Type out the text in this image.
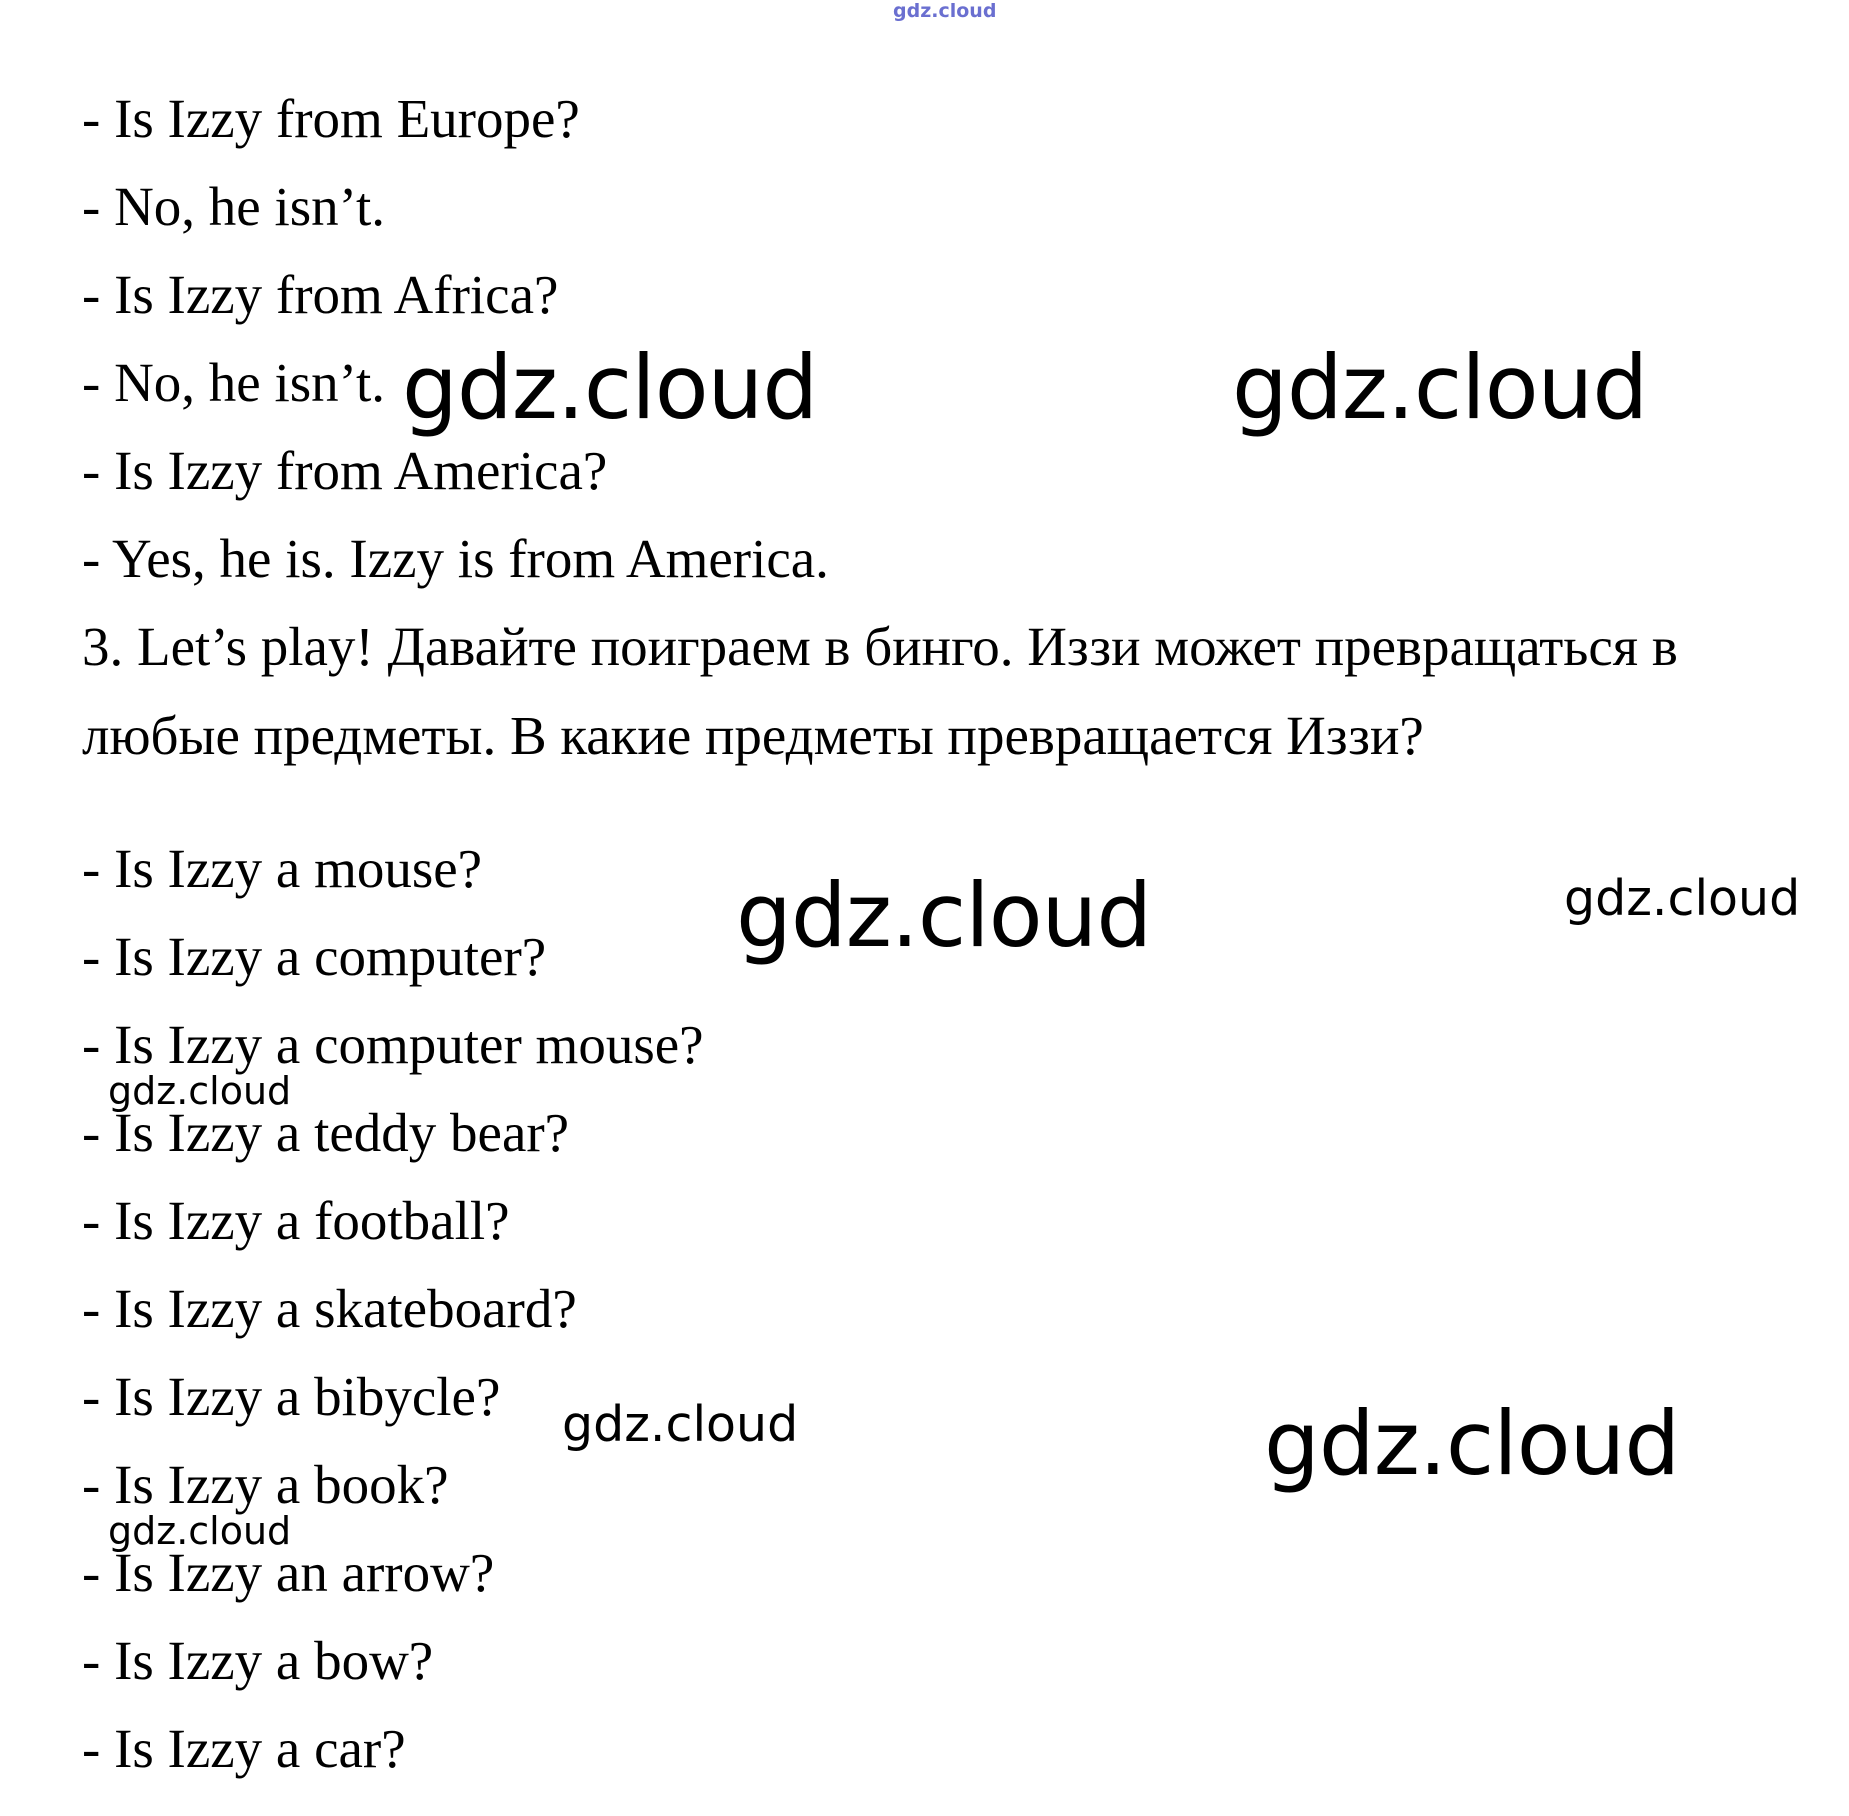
gdz.cloud
- Is Izzy from Europe?
- No, he isn’t.
- Is Izzy from Africa?
- No, he isn’t.
- Is Izzy from America?
- Yes, he is. Izzy is from America.
3. Let’s play! Давайте поиграем в бинго. Иззи может превращаться в
любые предметы. В какие предметы превращается Иззи?
- Is Izzy a mouse?
- Is Izzy a computer?
- Is Izzy a computer mouse?
- Is Izzy a teddy bear?
- Is Izzy a football?
- Is Izzy a skateboard?
- Is Izzy a bibycle?
- Is Izzy a book?
- Is Izzy an arrow?
- Is Izzy a bow?
- Is Izzy a car?
gdz.cloud	gdz.cloud
gdz.cloud	gdz.cloud
gdz.cloud
gdz.cloud	gdz.cloud
gdz.cloud
